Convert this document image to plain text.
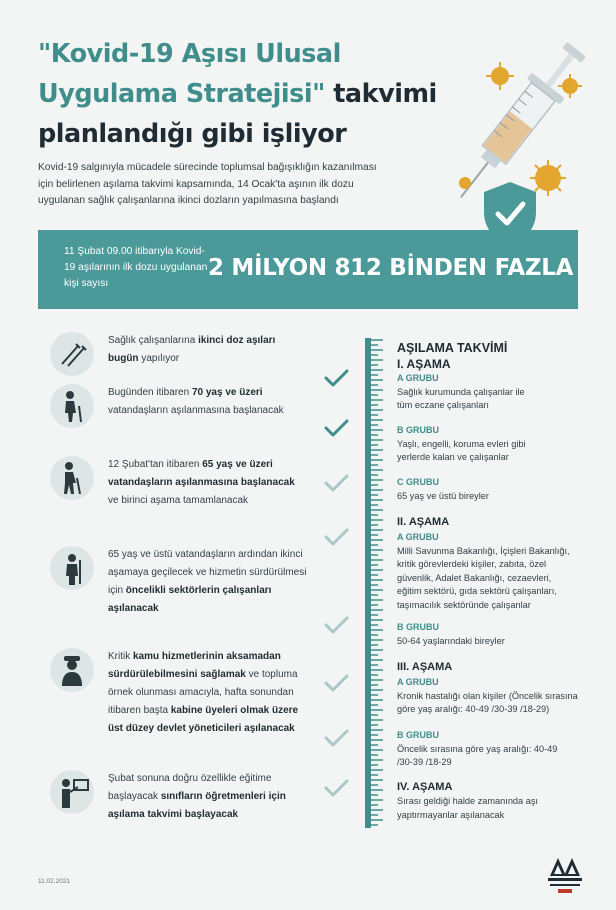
"Kovid-19 Aşısı Ulusal Uygulama Stratejisi" takvimi planlandığı gibi işliyor
Kovid-19 salgınıyla mücadele sürecinde toplumsal bağışıklığın kazanılması için belirlenen aşılama takvimi kapsamında, 14 Ocak'ta aşının ilk dozu uygulanan sağlık çalışanlarına ikinci dozların yapılmasına başlandı
11 Şubat 09.00 itibarıyla Kovid-19 aşılarının ilk dozu uygulanan kişi sayısı
2 MİLYON 812 BİNDEN FAZLA
Sağlık çalışanlarına ikinci doz aşıları bugün yapılıyor
Bugünden itibaren 70 yaş ve üzeri vatandaşların aşılanmasına başlanacak
12 Şubat'tan itibaren 65 yaş ve üzeri vatandaşların aşılanmasına başlanacak ve birinci aşama tamamlanacak
65 yaş ve üstü vatandaşların ardından ikinci aşamaya geçilecek ve hizmetin sürdürülmesi için öncelikli sektörlerin çalışanları aşılanacak
Kritik kamu hizmetlerinin aksamadan sürdürülebilmesini sağlamak ve topluma örnek olunması amacıyla, hafta sonundan itibaren başta kabine üyeleri olmak üzere üst düzey devlet yöneticileri aşılanacak
Şubat sonuna doğru özellikle eğitime başlayacak sınıfların öğretmenleri için aşılama takvimi başlayacak
AŞILAMA TAKVİMİ
I. AŞAMA
A GRUBU
Sağlık kurumunda çalışanlar ile tüm eczane çalışanları
B GRUBU
Yaşlı, engelli, koruma evleri gibi yerlerde kalan ve çalışanlar
C GRUBU
65 yaş ve üstü bireyler
II. AŞAMA
A GRUBU
Milli Savunma Bakanlığı, İçişleri Bakanlığı, kritik görevlerdeki kişiler, zabıta, özel güvenlik, Adalet Bakanlığı, cezaevleri, eğitim sektörü, gıda sektörü çalışanları, taşımacılık sektöründe çalışanlar
B GRUBU
50-64 yaşlarındaki bireyler
III. AŞAMA
A GRUBU
Kronik hastalığı olan kişiler (Öncelik sırasına göre yaş aralığı: 40-49 /30-39 /18-29)
B GRUBU
Öncelik sırasına göre yaş aralığı: 40-49 /30-39 /18-29
IV. AŞAMA
Sırası geldiği halde zamanında aşı yaptırmayanlar aşılanacak
11.02.2021
